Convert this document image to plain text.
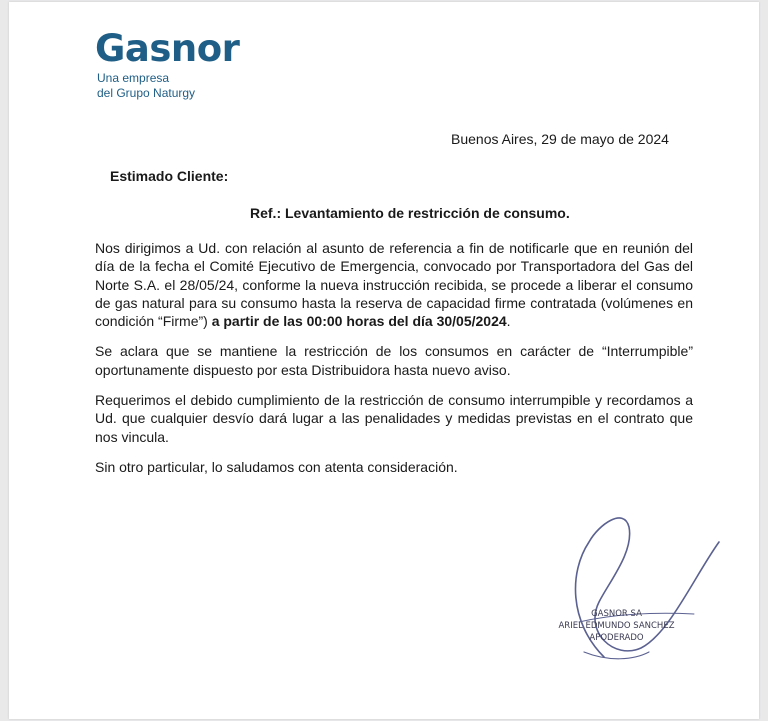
Gasnor
Una empresa
del Grupo Naturgy
Buenos Aires, 29 de mayo de 2024
Estimado Cliente:
Ref.: Levantamiento de restricción de consumo.

Nos dirigimos a Ud. con relación al asunto de referencia a fin de notificarle que en reunión del día de la fecha el Comité Ejecutivo de Emergencia, convocado por Transportadora del Gas del Norte S.A. el 28/05/24, conforme la nueva instrucción recibida, se procede a liberar el consumo de gas natural para su consumo hasta la reserva de capacidad firme contratada (volúmenes en condición “Firme”) a partir de las 00:00 horas del día 30/05/2024.

Se aclara que se mantiene la restricción de los consumos en carácter de “Interrumpible” oportunamente dispuesto por esta Distribuidora hasta nuevo aviso.

Requerimos el debido cumplimiento de la restricción de consumo interrumpible y recordamos a Ud. que cualquier desvío dará lugar a las penalidades y medidas previstas en el contrato que nos vincula.

Sin otro particular, lo saludamos con atenta consideración.

GASNOR SA
ARIEL EDMUNDO SANCHEZ
APODERADO
